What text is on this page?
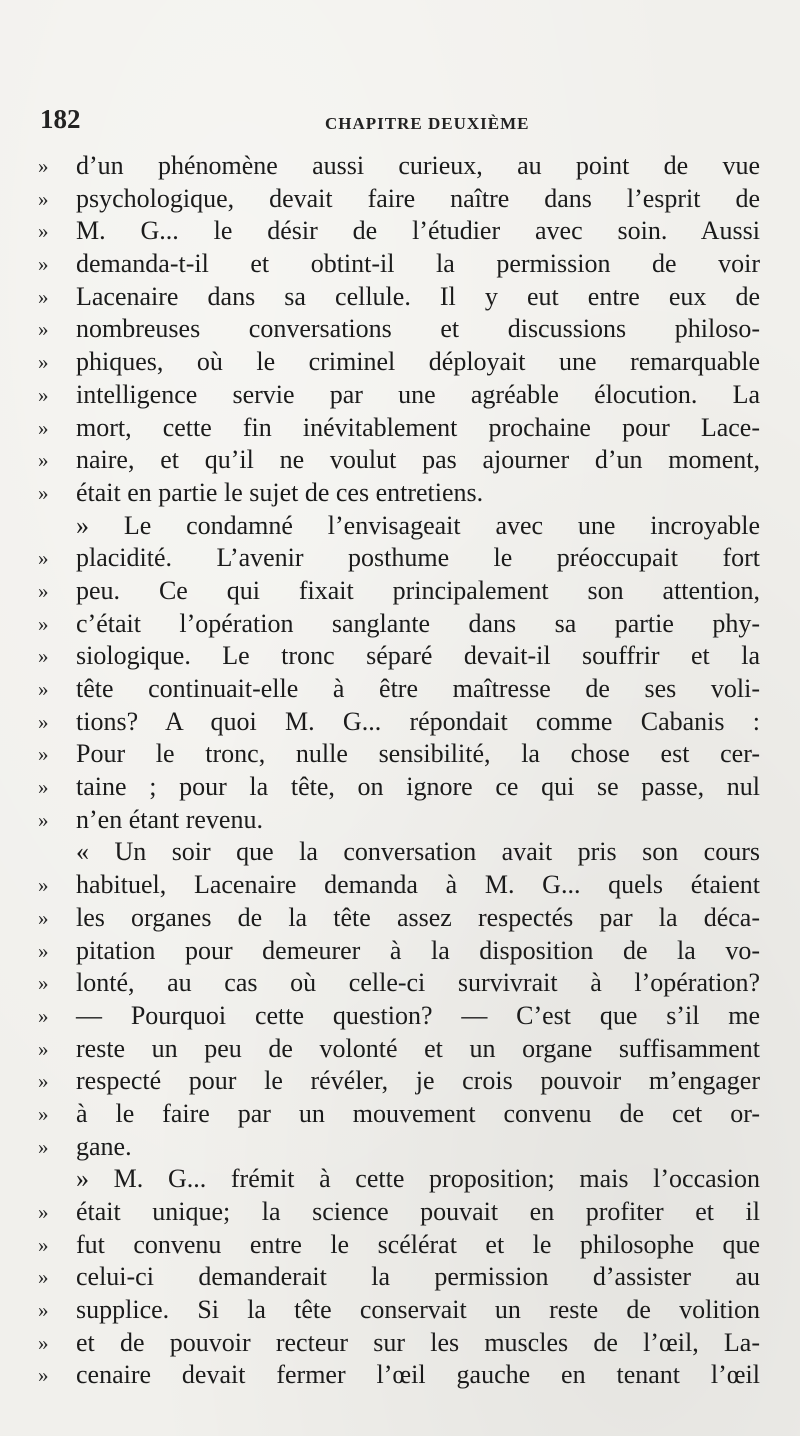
182	CHAPITRE DEUXIÈME
»	d’un phénomène aussi curieux, au point de vue
»	psychologique, devait faire naître dans l’esprit de
»	M. G... le désir de l’étudier avec soin. Aussi
»	demanda-t-il et obtint-il la permission de voir
»	Lacenaire dans sa cellule. Il y eut entre eux de
»	nombreuses conversations et discussions philoso-
»	phiques, où le criminel déployait une remarquable
»	intelligence servie par une agréable élocution. La
»	mort, cette fin inévitablement prochaine pour Lace-
»	naire, et qu’il ne voulut pas ajourner d’un moment,
»	était en partie le sujet de ces entretiens.
» Le condamné l’envisageait avec une incroyable
»	placidité. L’avenir posthume le préoccupait fort
»	peu. Ce qui fixait principalement son attention,
»	c’était l’opération sanglante dans sa partie phy-
»	siologique. Le tronc séparé devait-il souffrir et la
»	tête continuait-elle à être maîtresse de ses voli-
»	tions? A quoi M. G... répondait comme Cabanis :
»	Pour le tronc, nulle sensibilité, la chose est cer-
»	taine ; pour la tête, on ignore ce qui se passe, nul
»	n’en étant revenu.
« Un soir que la conversation avait pris son cours
»	habituel, Lacenaire demanda à M. G... quels étaient
»	les organes de la tête assez respectés par la déca-
»	pitation pour demeurer à la disposition de la vo-
»	lonté, au cas où celle-ci survivrait à l’opération?
»	— Pourquoi cette question? — C’est que s’il me
»	reste un peu de volonté et un organe suffisamment
»	respecté pour le révéler, je crois pouvoir m’engager
»	à le faire par un mouvement convenu de cet or-
»	gane.
» M. G... frémit à cette proposition; mais l’occasion
»	était unique; la science pouvait en profiter et il
»	fut convenu entre le scélérat et le philosophe que
»	celui-ci demanderait la permission d’assister au
»	supplice. Si la tête conservait un reste de volition
»	et de pouvoir recteur sur les muscles de l’œil, La-
»	cenaire devait fermer l’œil gauche en tenant l’œil
